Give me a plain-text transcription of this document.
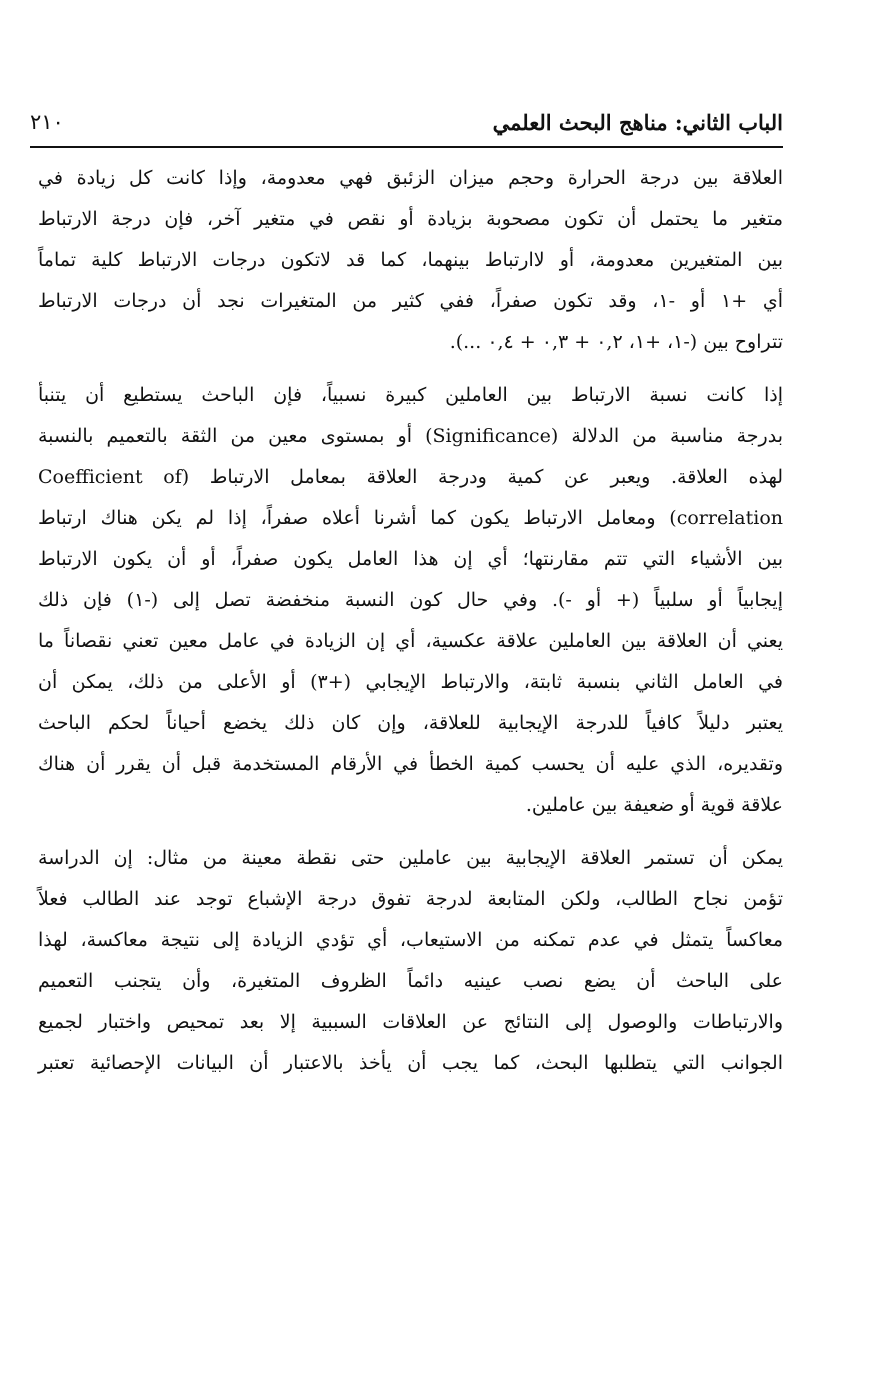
الباب الثاني: مناهج البحث العلمي
٢١٠
العلاقة بين درجة الحرارة وحجم ميزان الزئبق فهي معدومة، وإذا كانت كل زيادة في
متغير ما يحتمل أن تكون مصحوبة بزيادة أو نقص في متغير آخر، فإن درجة الارتباط
بين المتغيرين معدومة، أو لاارتباط بينهما، كما قد لاتكون درجات الارتباط كلية تماماً
أي +١ أو -١، وقد تكون صفراً، ففي كثير من المتغيرات نجد أن درجات الارتباط
تتراوح بين (-١، +١، ٠,٢ + ٠,٣ + ٠,٤ ...).
إذا كانت نسبة الارتباط بين العاملين كبيرة نسبياً، فإن الباحث يستطيع أن يتنبأ
بدرجة مناسبة من الدلالة (Significance) أو بمستوى معين من الثقة بالتعميم بالنسبة
لهذه العلاقة. ويعبر عن كمية ودرجة العلاقة بمعامل الارتباط (Coefficient of
correlation) ومعامل الارتباط يكون كما أشرنا أعلاه صفراً، إذا لم يكن هناك ارتباط
بين الأشياء التي تتم مقارنتها؛ أي إن هذا العامل يكون صفراً، أو أن يكون الارتباط
إيجابياً أو سلبياً (+ أو -). وفي حال كون النسبة منخفضة تصل إلى (-١) فإن ذلك
يعني أن العلاقة بين العاملين علاقة عكسية، أي إن الزيادة في عامل معين تعني نقصاناً ما
في العامل الثاني بنسبة ثابتة، والارتباط الإيجابي (+٣) أو الأعلى من ذلك، يمكن أن
يعتبر دليلاً كافياً للدرجة الإيجابية للعلاقة، وإن كان ذلك يخضع أحياناً لحكم الباحث
وتقديره، الذي عليه أن يحسب كمية الخطأ في الأرقام المستخدمة قبل أن يقرر أن هناك
علاقة قوية أو ضعيفة بين عاملين.
يمكن أن تستمر العلاقة الإيجابية بين عاملين حتى نقطة معينة من مثال: إن الدراسة
تؤمن نجاح الطالب، ولكن المتابعة لدرجة تفوق درجة الإشباع توجد عند الطالب فعلاً
معاكساً يتمثل في عدم تمكنه من الاستيعاب، أي تؤدي الزيادة إلى نتيجة معاكسة، لهذا
على الباحث أن يضع نصب عينيه دائماً الظروف المتغيرة، وأن يتجنب التعميم
والارتباطات والوصول إلى النتائج عن العلاقات السببية إلا بعد تمحيص واختبار لجميع
الجوانب التي يتطلبها البحث، كما يجب أن يأخذ بالاعتبار أن البيانات الإحصائية تعتبر
